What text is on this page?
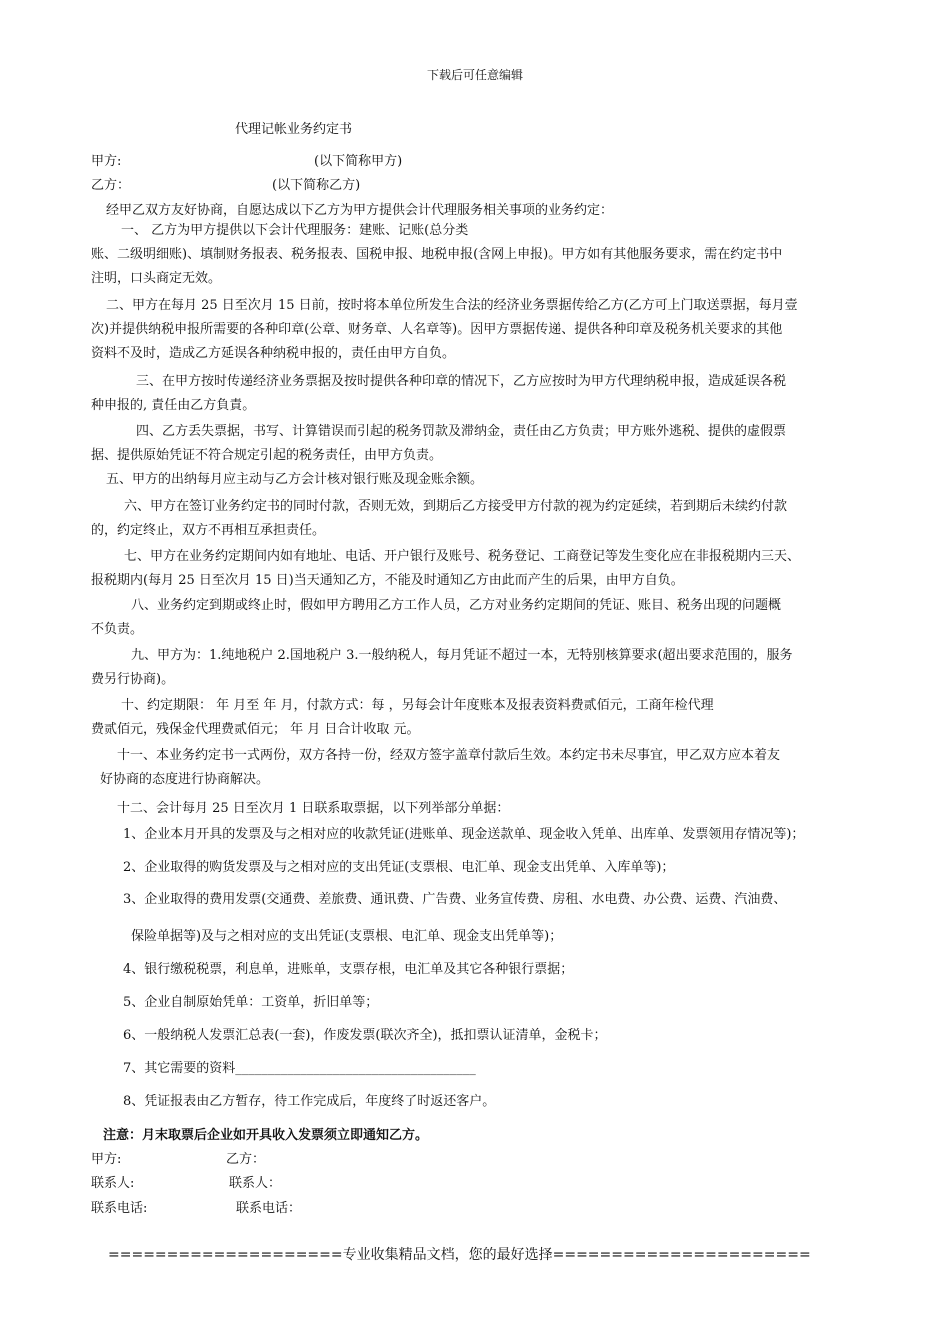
下载后可任意编辑
代理记帐业务约定书
甲方:	(以下简称甲方)
乙方：	(以下简称乙方)
经甲乙双方友好协商，自愿达成以下乙方为甲方提供会计代理服务相关事项的业务约定：
一、 乙方为甲方提供以下会计代理服务：建账、记账(总分类
账、二级明细账)、填制财务报表、税务报表、国税申报、地税申报(含网上申报)。甲方如有其他服务要求，需在约定书中
注明，口头商定无效。
二、甲方在每月 25 日至次月 15 日前，按时将本单位所发生合法的经济业务票据传给乙方(乙方可上门取送票据，每月壹
次)并提供纳税申报所需要的各种印章(公章、财务章、人名章等)。因甲方票据传递、提供各种印章及税务机关要求的其他
资料不及时，造成乙方延误各种纳税申报的，责任由甲方自负。
三、在甲方按时传递经济业务票据及按时提供各种印章的情况下，乙方应按时为甲方代理纳税申报，造成延误各税
种申报的, 責任由乙方負責。
四、乙方丢失票据，书写、计算错误而引起的税务罚款及滞纳金，责任由乙方负责；甲方账外逃税、提供的虚假票
据、提供原始凭证不符合规定引起的税务责任，由甲方负责。
五、甲方的出纳每月应主动与乙方会计核对银行账及现金账余额。
六、甲方在签订业务约定书的同时付款，否则无效，到期后乙方接受甲方付款的视为约定延续，若到期后未续约付款
的，约定终止，双方不再相互承担责任。
七、甲方在业务约定期间内如有地址、电话、开户银行及账号、税务登记、工商登记等发生变化应在非报税期内三天、
报税期内(每月 25 日至次月 15 日)当天通知乙方，不能及时通知乙方由此而产生的后果，由甲方自负。
八、业务约定到期或终止时，假如甲方聘用乙方工作人员，乙方对业务约定期间的凭证、账目、税务出现的问题概
不负责。
九、甲方为：1.纯地税户 2.国地税户 3.一般纳税人，每月凭证不超过一本，无特别核算要求(超出要求范围的，服务
费另行协商)。
十、约定期限： 年 月至 年 月，付款方式：每 ，另每会计年度账本及报表资料费贰佰元，工商年检代理
费贰佰元，残保金代理费贰佰元； 年 月 日合计收取 元。
十一、本业务约定书一式两份，双方各持一份，经双方签字盖章付款后生效。本约定书未尽事宜，甲乙双方应本着友
好协商的态度进行协商解决。
十二、会计每月 25 日至次月 1 日联系取票据，以下列举部分单据：
1、企业本月开具的发票及与之相对应的收款凭证(进账单、现金送款单、现金收入凭单、出库单、发票领用存情况等)；
2、企业取得的购货发票及与之相对应的支出凭证(支票根、电汇单、现金支出凭单、入库单等)；
3、企业取得的费用发票(交通费、差旅费、通讯费、广告费、业务宣传费、房租、水电费、办公费、运费、汽油费、
保险单据等)及与之相对应的支出凭证(支票根、电汇单、现金支出凭单等)；
4、银行缴税税票，利息单，进账单，支票存根，电汇单及其它各种银行票据；
5、企业自制原始凭单：工资单，折旧单等；
6、一般纳税人发票汇总表(一套)，作废发票(联次齐全)，抵扣票认证清单，金税卡；
7、其它需要的资料_____________________________________
8、凭证报表由乙方暂存，待工作完成后，年度终了时返还客户。
注意：月末取票后企业如开具收入发票须立即通知乙方。
甲方:	乙方：
联系人:	联系人：
联系电话:	联系电话：
====================专业收集精品文档，您的最好选择======================
